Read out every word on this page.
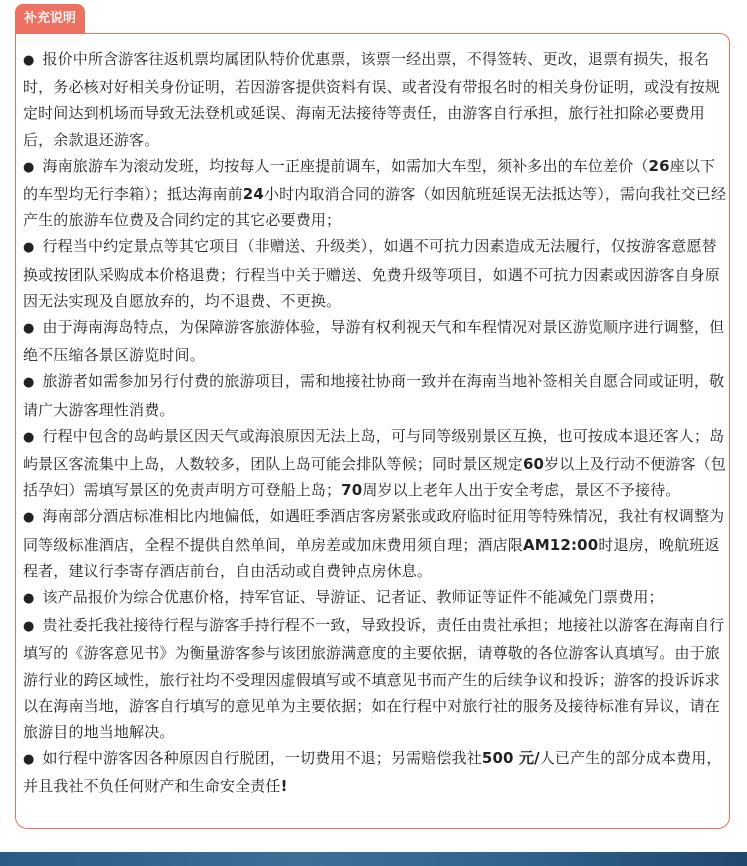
补充说明

● 报价中所含游客往返机票均属团队特价优惠票，该票一经出票，不得签转、更改，退票有损失，报名时，务必核对好相关身份证明，若因游客提供资料有误、或者没有带报名时的相关身份证明，或没有按规定时间达到机场而导致无法登机或延误、海南无法接待等责任，由游客自行承担，旅行社扣除必要费用后，余款退还游客。

● 海南旅游车为滚动发班，均按每人一正座提前调车，如需加大车型，须补多出的车位差价（26座以下的车型均无行李箱）；抵达海南前24小时内取消合同的游客（如因航班延误无法抵达等），需向我社交已经产生的旅游车位费及合同约定的其它必要费用；

● 行程当中约定景点等其它项目（非赠送、升级类），如遇不可抗力因素造成无法履行，仅按游客意愿替换或按团队采购成本价格退费；行程当中关于赠送、免费升级等项目，如遇不可抗力因素或因游客自身原因无法实现及自愿放弃的，均不退费、不更换。

● 由于海南海岛特点，为保障游客旅游体验，导游有权利视天气和车程情况对景区游览顺序进行调整，但绝不压缩各景区游览时间。

● 旅游者如需参加另行付费的旅游项目，需和地接社协商一致并在海南当地补签相关自愿合同或证明，敬请广大游客理性消费。

● 行程中包含的岛屿景区因天气或海浪原因无法上岛，可与同等级别景区互换，也可按成本退还客人；岛屿景区客流集中上岛，人数较多，团队上岛可能会排队等候；同时景区规定60岁以上及行动不便游客（包括孕妇）需填写景区的免责声明方可登船上岛；70周岁以上老年人出于安全考虑，景区不予接待。

● 海南部分酒店标准相比内地偏低，如遇旺季酒店客房紧张或政府临时征用等特殊情况，我社有权调整为同等级标准酒店，全程不提供自然单间，单房差或加床费用须自理；酒店限AM12:00时退房，晚航班返程者，建议行李寄存酒店前台，自由活动或自费钟点房休息。

● 该产品报价为综合优惠价格，持军官证、导游证、记者证、教师证等证件不能减免门票费用；

● 贵社委托我社接待行程与游客手持行程不一致，导致投诉，责任由贵社承担；地接社以游客在海南自行填写的《游客意见书》为衡量游客参与该团旅游满意度的主要依据，请尊敬的各位游客认真填写。由于旅游行业的跨区域性，旅行社均不受理因虚假填写或不填意见书而产生的后续争议和投诉；游客的投诉诉求以在海南当地，游客自行填写的意见单为主要依据；如在行程中对旅行社的服务及接待标准有异议，请在旅游目的地当地解决。

● 如行程中游客因各种原因自行脱团，一切费用不退；另需赔偿我社500 元/人已产生的部分成本费用，并且我社不负任何财产和生命安全责任!
